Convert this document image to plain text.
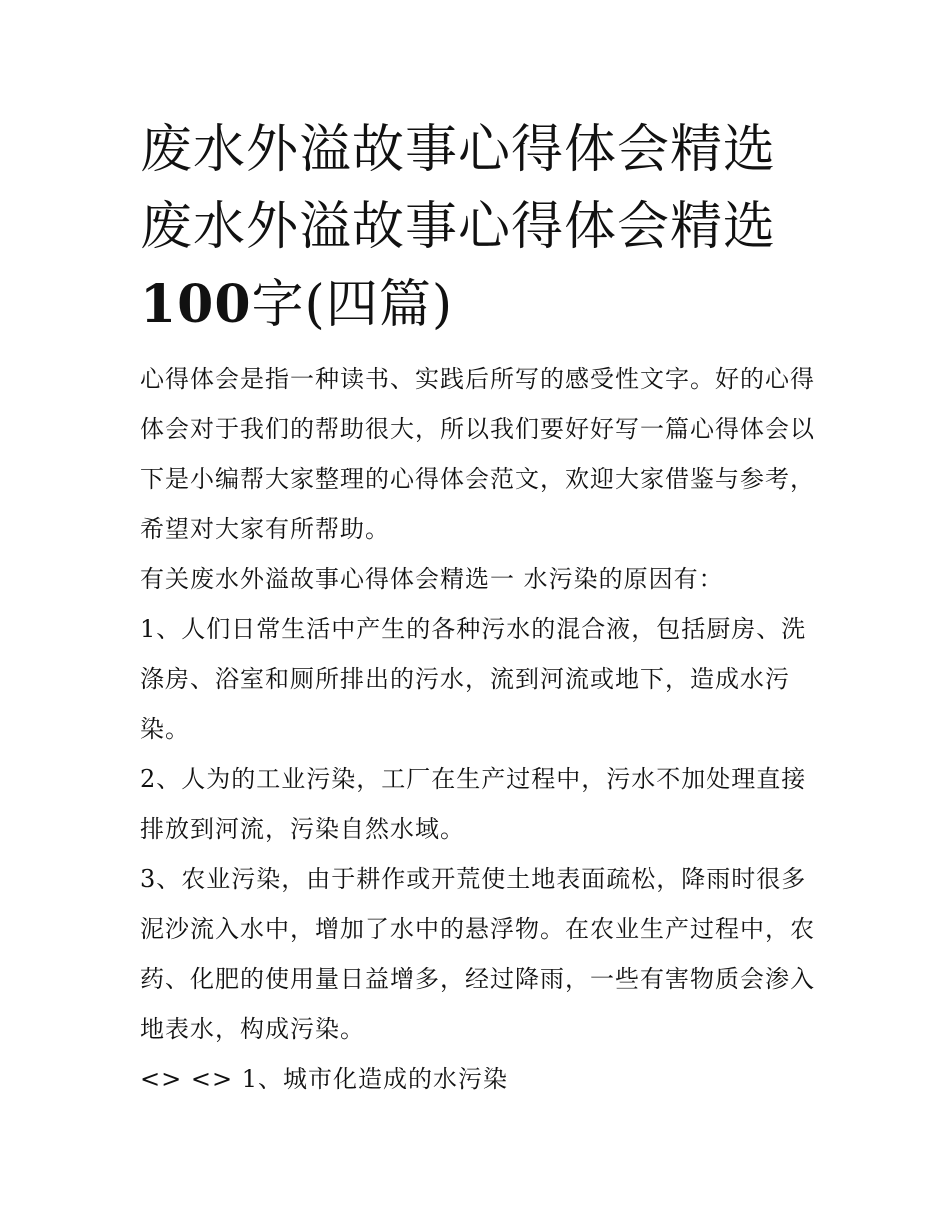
废水外溢故事心得体会精选 废水外溢故事心得体会精选100字(四篇)

心得体会是指一种读书、实践后所写的感受性文字。好的心得体会对于我们的帮助很大，所以我们要好好写一篇心得体会以下是小编帮大家整理的心得体会范文，欢迎大家借鉴与参考，希望对大家有所帮助。

有关废水外溢故事心得体会精选一 水污染的原因有：

1、人们日常生活中产生的各种污水的混合液，包括厨房、洗涤房、浴室和厕所排出的污水，流到河流或地下，造成水污染。

2、人为的工业污染，工厂在生产过程中，污水不加处理直接排放到河流，污染自然水域。

3、农业污染，由于耕作或开荒使土地表面疏松，降雨时很多泥沙流入水中，增加了水中的悬浮物。在农业生产过程中，农药、化肥的使用量日益增多，经过降雨，一些有害物质会渗入地表水，构成污染。

<> <> 1、城市化造成的水污染
